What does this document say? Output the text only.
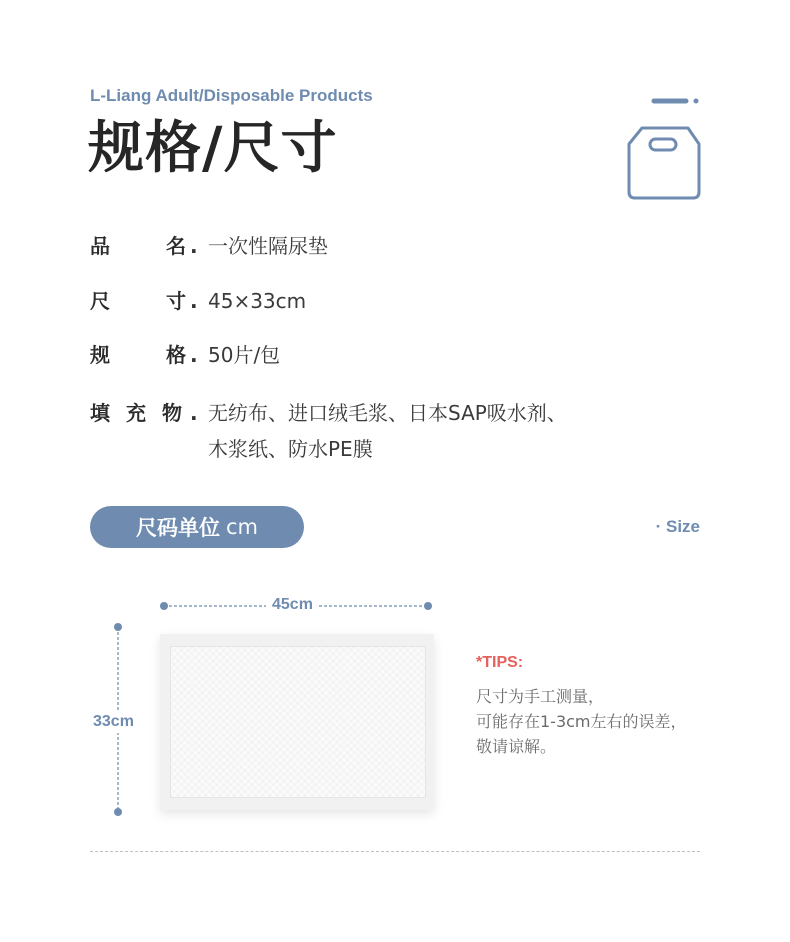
L-Liang Adult/Disposable Products
规格/尺寸
品	名 . 一次性隔尿垫
尺	寸 . 45×33cm
规	格 . 50片/包
填 充 物 . 无纺布、进口绒毛浆、日本SAP吸水剂、
木浆纸、防水PE膜
尺码单位 cm	· Size
45cm
33cm
*TIPS:
尺寸为手工测量，
可能存在1-3cm左右的误差，
敬请谅解。
